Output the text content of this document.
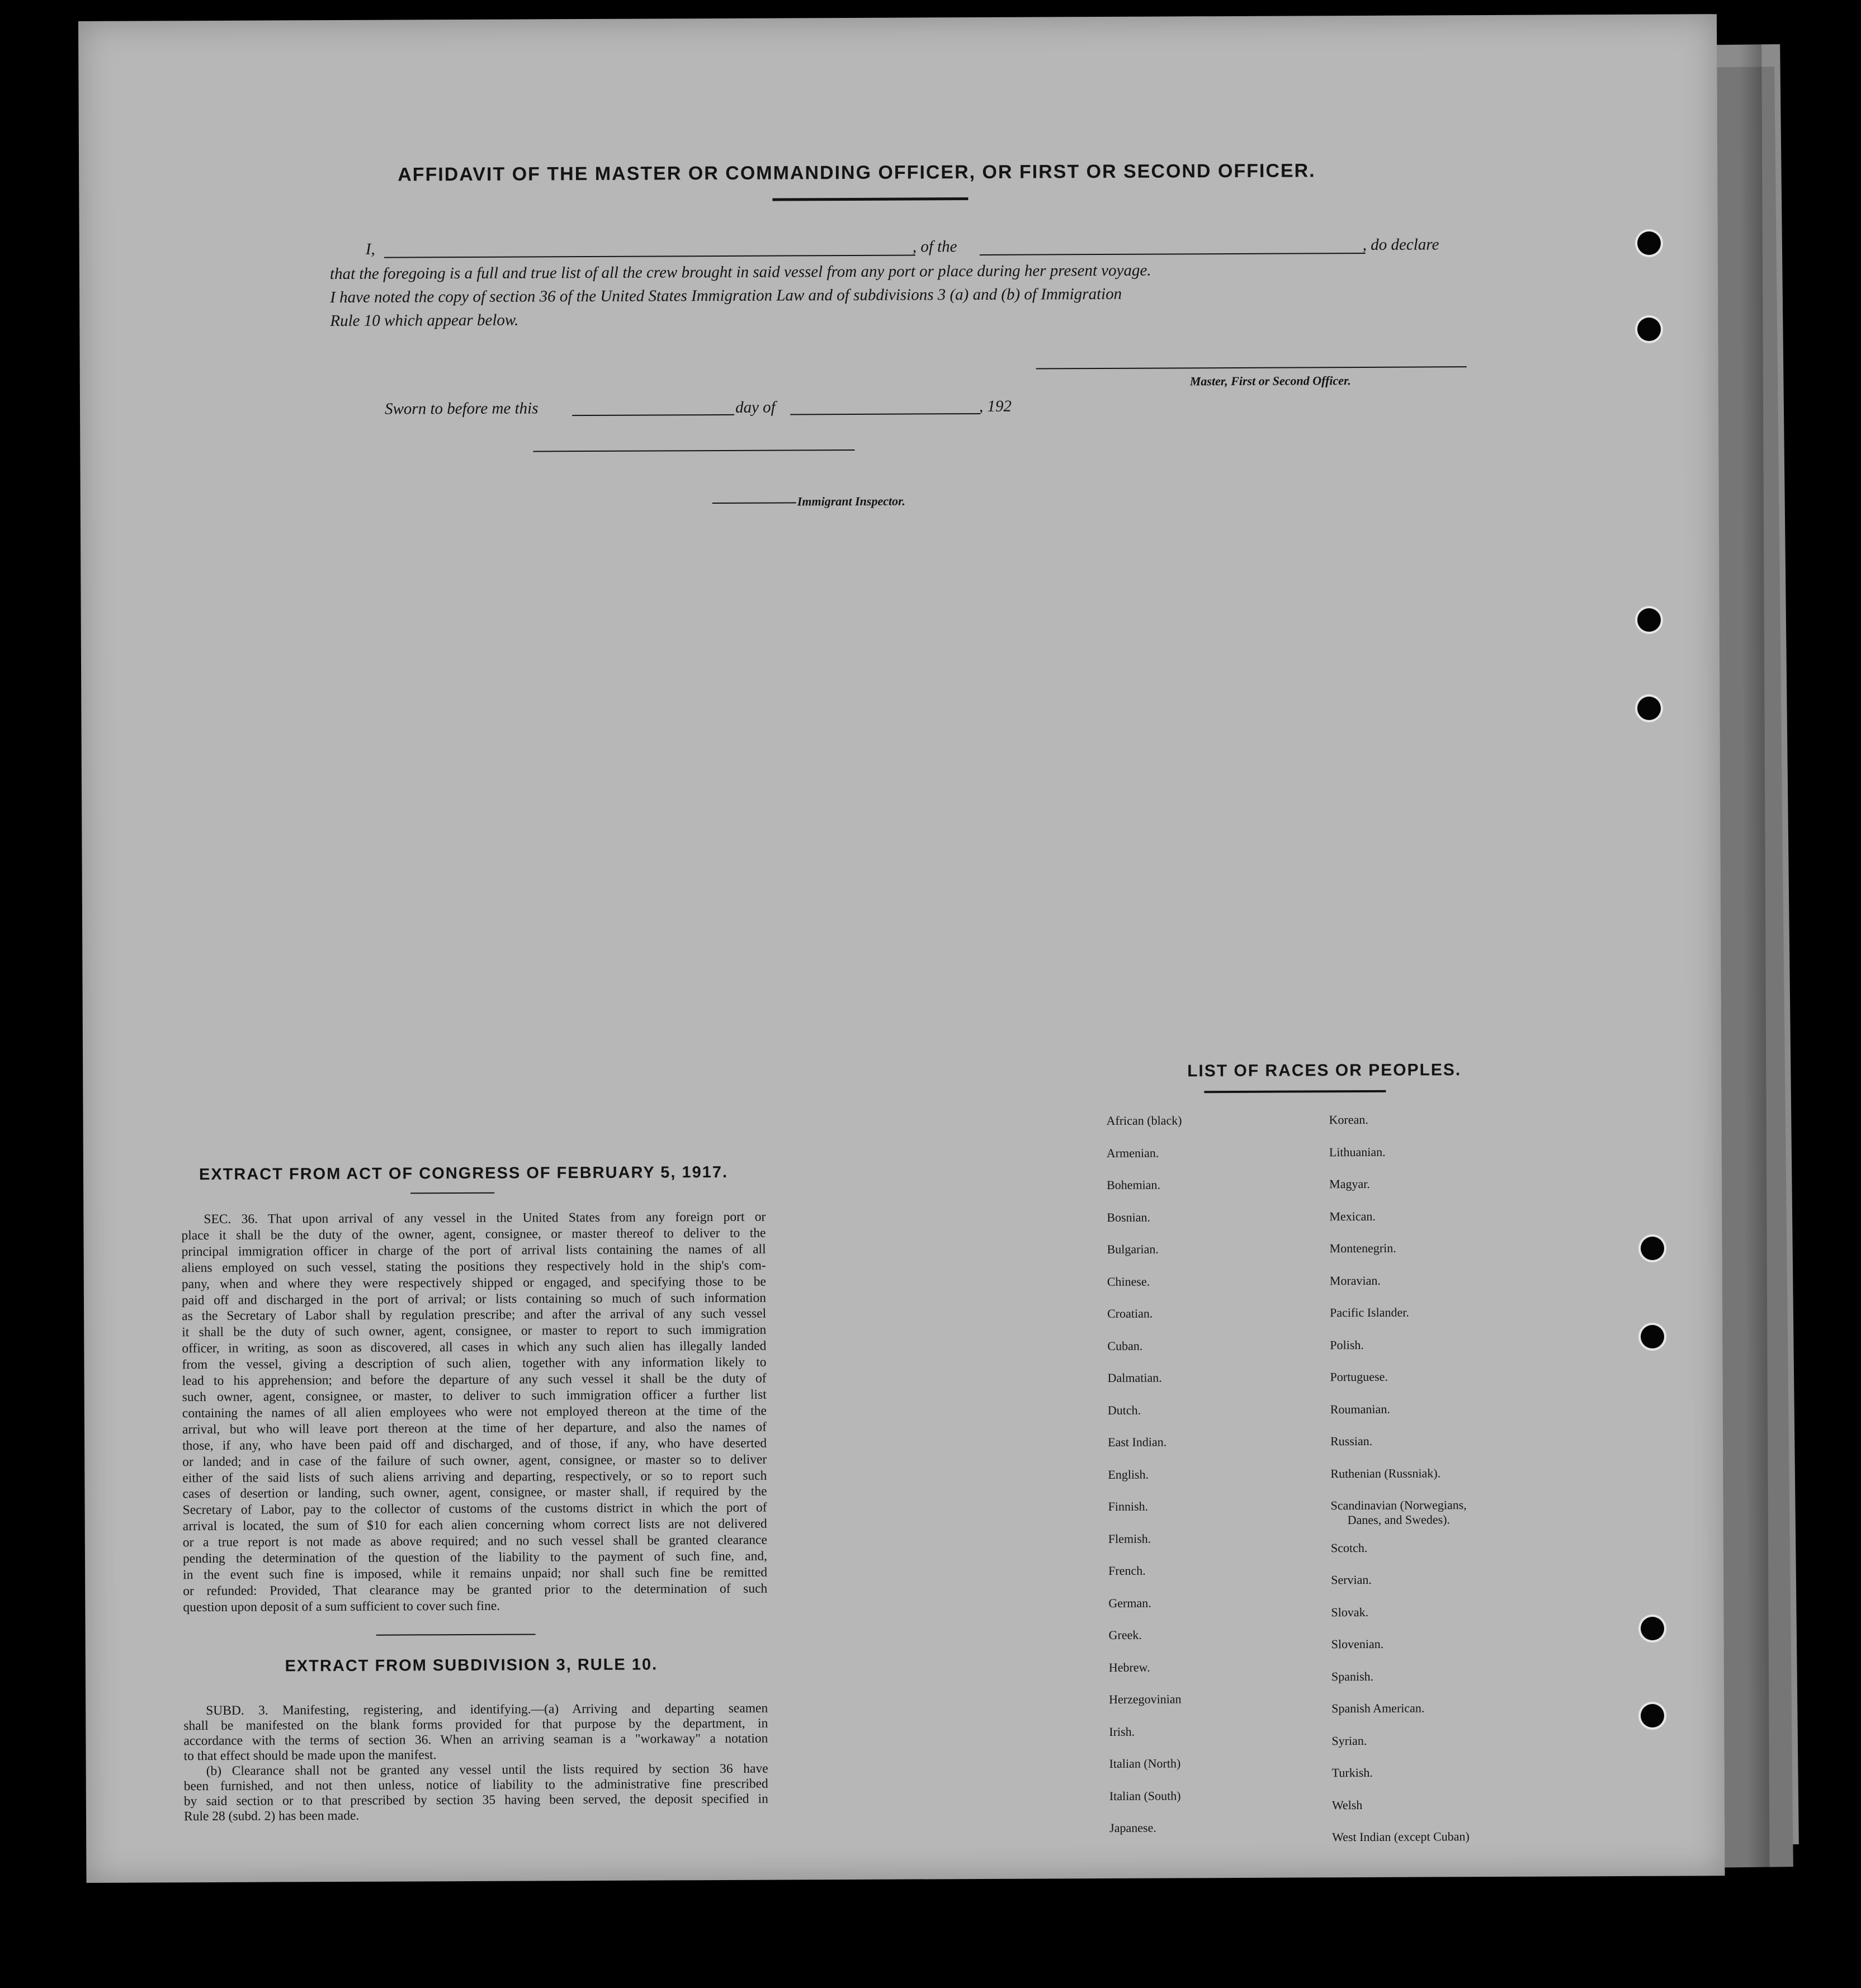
AFFIDAVIT OF THE MASTER OR COMMANDING OFFICER, OR FIRST OR SECOND OFFICER.
I,	, of the	, do declare
that the foregoing is a full and true list of all the crew brought in said vessel from any port or place during her present voyage.
I have noted the copy of section 36 of the United States Immigration Law and of subdivisions 3 (a) and (b) of Immigration
Rule 10 which appear below.
Master, First or Second Officer.
Sworn to before me this	day of	, 192
Immigrant Inspector.
EXTRACT FROM ACT OF CONGRESS OF FEBRUARY 5, 1917.

SEC. 36. That upon arrival of any vessel in the United States from any foreign port or

place it shall be the duty of the owner, agent, consignee, or master thereof to deliver to the

principal immigration officer in charge of the port of arrival lists containing the names of all

aliens employed on such vessel, stating the positions they respectively hold in the ship's com-

pany, when and where they were respectively shipped or engaged, and specifying those to be

paid off and discharged in the port of arrival; or lists containing so much of such information

as the Secretary of Labor shall by regulation prescribe; and after the arrival of any such vessel

it shall be the duty of such owner, agent, consignee, or master to report to such immigration

officer, in writing, as soon as discovered, all cases in which any such alien has illegally landed

from the vessel, giving a description of such alien, together with any information likely to

lead to his apprehension; and before the departure of any such vessel it shall be the duty of

such owner, agent, consignee, or master, to deliver to such immigration officer a further list

containing the names of all alien employees who were not employed thereon at the time of the

arrival, but who will leave port thereon at the time of her departure, and also the names of

those, if any, who have been paid off and discharged, and of those, if any, who have deserted

or landed; and in case of the failure of such owner, agent, consignee, or master so to deliver

either of the said lists of such aliens arriving and departing, respectively, or so to report such

cases of desertion or landing, such owner, agent, consignee, or master shall, if required by the

Secretary of Labor, pay to the collector of customs of the customs district in which the port of

arrival is located, the sum of $10 for each alien concerning whom correct lists are not delivered

or a true report is not made as above required; and no such vessel shall be granted clearance

pending the determination of the question of the liability to the payment of such fine, and,

in the event such fine is imposed, while it remains unpaid; nor shall such fine be remitted

or refunded: Provided, That clearance may be granted prior to the determination of such

question upon deposit of a sum sufficient to cover such fine.

EXTRACT FROM SUBDIVISION 3, RULE 10.

SUBD. 3. Manifesting, registering, and identifying.—(a) Arriving and departing seamen

shall be manifested on the blank forms provided for that purpose by the department, in

accordance with the terms of section 36. When an arriving seaman is a "workaway" a notation

to that effect should be made upon the manifest.

(b) Clearance shall not be granted any vessel until the lists required by section 36 have

been furnished, and not then unless, notice of liability to the administrative fine prescribed

by said section or to that prescribed by section 35 having been served, the deposit specified in

Rule 28 (subd. 2) has been made.

LIST OF RACES OR PEOPLES.
African (black)
Armenian.
Bohemian.
Bosnian.
Bulgarian.
Chinese.
Croatian.
Cuban.
Dalmatian.
Dutch.
East Indian.
English.
Finnish.
Flemish.
French.
German.
Greek.
Hebrew.
Herzegovinian
Irish.
Italian (North)
Italian (South)
Japanese.
Korean.
Lithuanian.
Magyar.
Mexican.
Montenegrin.
Moravian.
Pacific Islander.
Polish.
Portuguese.
Roumanian.
Russian.
Ruthenian (Russniak).
Scandinavian (Norwegians,
Danes, and Swedes).
Scotch.
Servian.
Slovak.
Slovenian.
Spanish.
Spanish American.
Syrian.
Turkish.
Welsh
West Indian (except Cuban)
